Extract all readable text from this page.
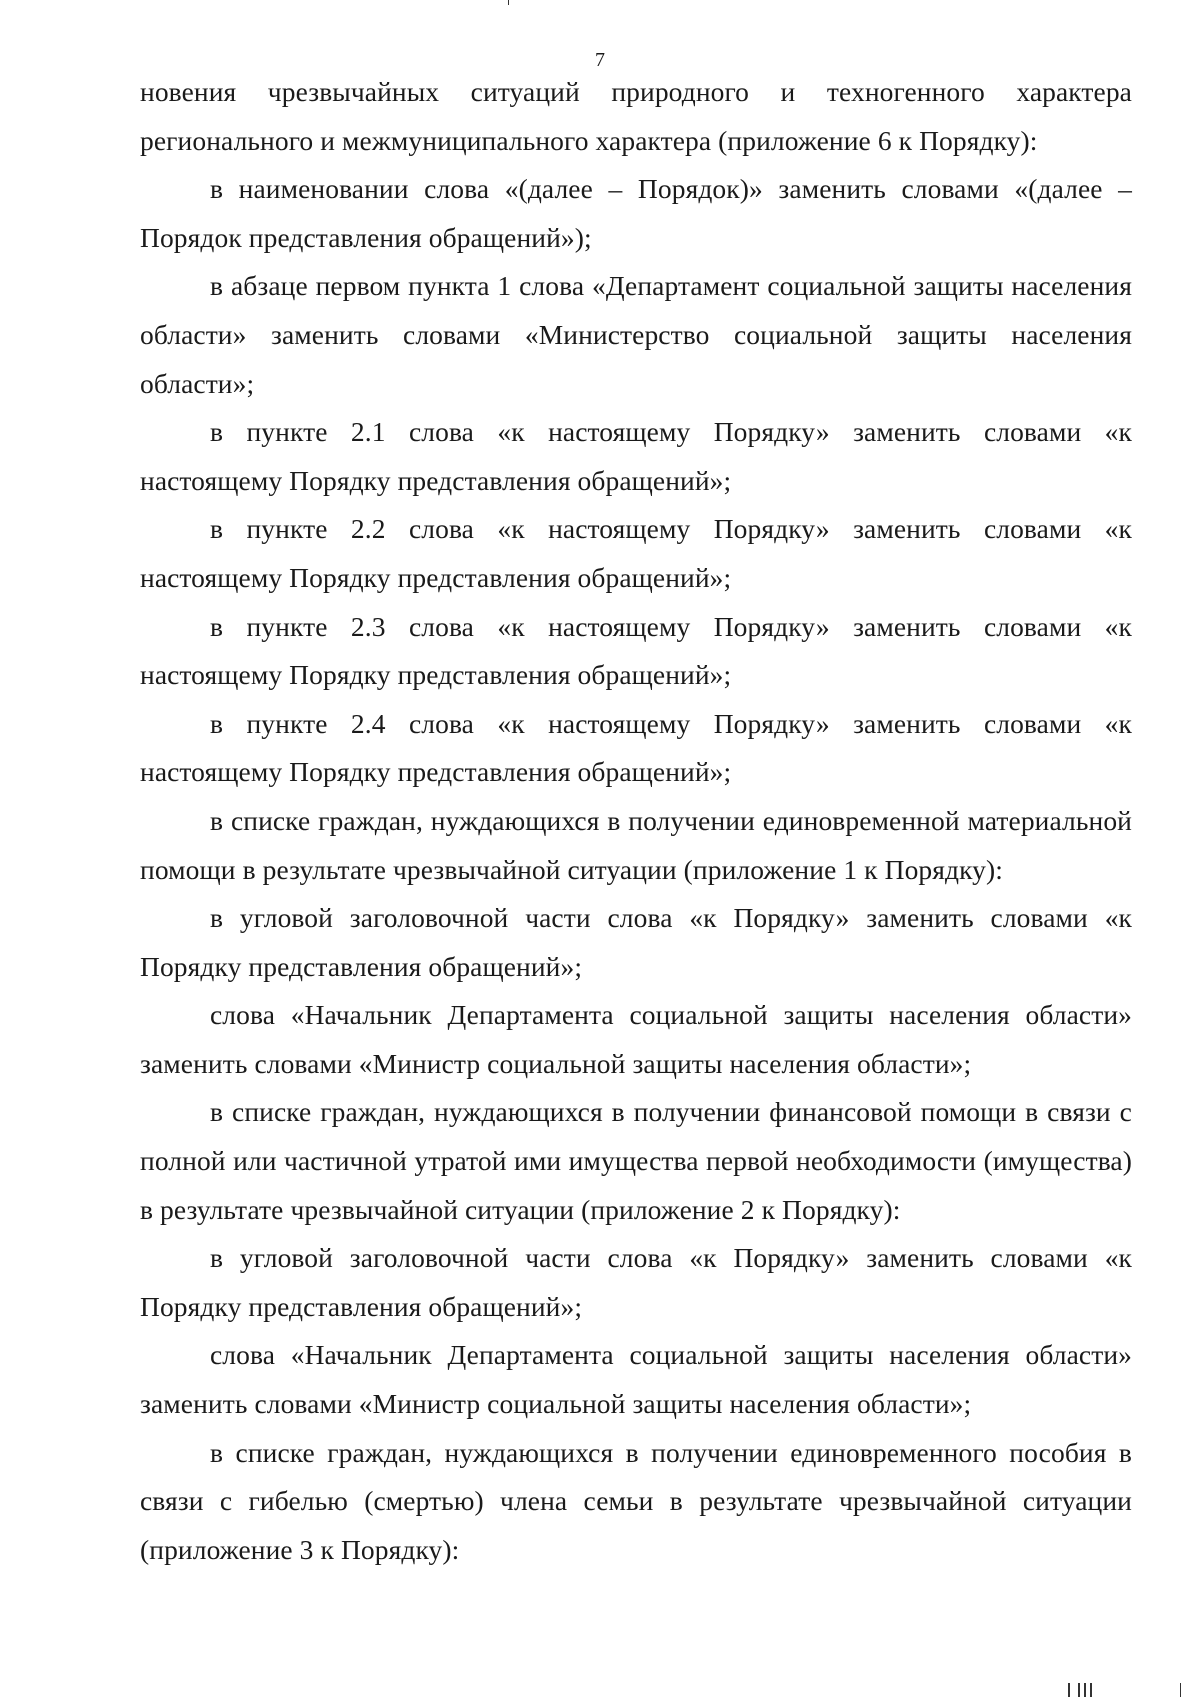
7

новения чрезвычайных ситуаций природного и техногенного характера регионального и межмуниципального характера (приложение 6 к Порядку):

в наименовании слова «(далее – Порядок)» заменить словами «(далее – Порядок представления обращений»);

в абзаце первом пункта 1 слова «Департамент социальной защиты населения области» заменить словами «Министерство социальной защиты населения области»;

в пункте 2.1 слова «к настоящему Порядку» заменить словами «к настоящему Порядку представления обращений»;

в пункте 2.2 слова «к настоящему Порядку» заменить словами «к настоящему Порядку представления обращений»;

в пункте 2.3 слова «к настоящему Порядку» заменить словами «к настоящему Порядку представления обращений»;

в пункте 2.4 слова «к настоящему Порядку» заменить словами «к настоящему Порядку представления обращений»;

в списке граждан, нуждающихся в получении единовременной материальной помощи в результате чрезвычайной ситуации (приложение 1 к Порядку):

в угловой заголовочной части слова «к Порядку» заменить словами «к Порядку представления обращений»;

слова «Начальник Департамента социальной защиты населения области» заменить словами «Министр социальной защиты населения области»;

в списке граждан, нуждающихся в получении финансовой помощи в связи с полной или частичной утратой ими имущества первой необходимости (имущества) в результате чрезвычайной ситуации (приложение 2 к Порядку):

в угловой заголовочной части слова «к Порядку» заменить словами «к Порядку представления обращений»;

слова «Начальник Департамента социальной защиты населения области» заменить словами «Министр социальной защиты населения области»;

в списке граждан, нуждающихся в получении единовременного пособия в связи с гибелью (смертью) члена семьи в результате чрезвычайной ситуации (приложение 3 к Порядку):
